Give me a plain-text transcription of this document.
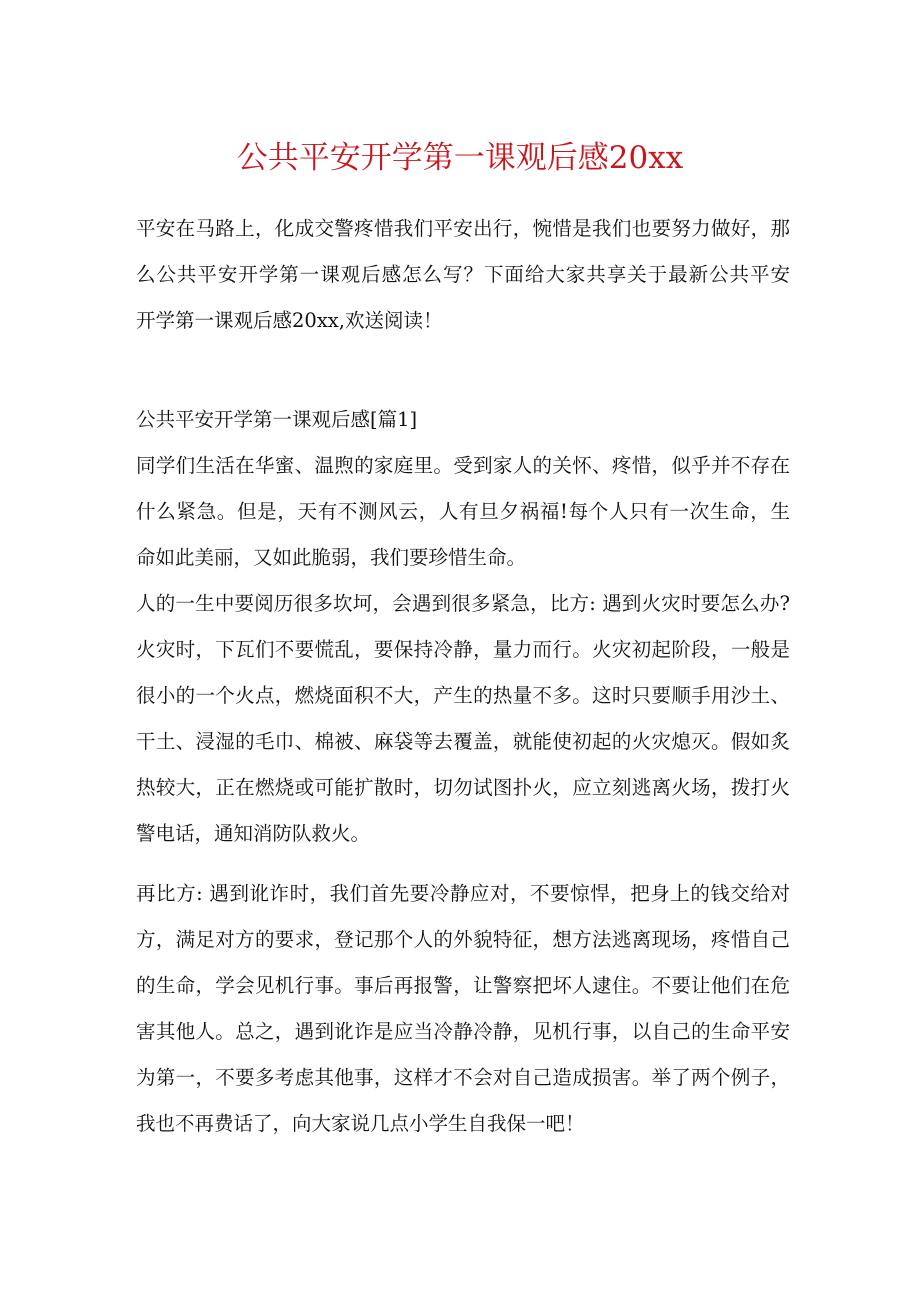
公共平安开学第一课观后感20xx
平安在马路上，化成交警疼惜我们平安出行，惋惜是我们也要努力做好，那
么公共平安开学第一课观后感怎么写？下面给大家共享关于最新公共平安
开学第一课观后感20xx,欢送阅读！
公共平安开学第一课观后感[篇1]
同学们生活在华蜜、温煦的家庭里。受到家人的关怀、疼惜，似乎并不存在
什么紧急。但是，天有不测风云，人有旦夕祸福!每个人只有一次生命，生
命如此美丽，又如此脆弱，我们要珍惜生命。
人的一生中要阅历很多坎坷，会遇到很多紧急，比方: 遇到火灾时要怎么办?
火灾时，下瓦们不要慌乱，要保持冷静，量力而行。火灾初起阶段，一般是
很小的一个火点，燃烧面积不大，产生的热量不多。这时只要顺手用沙土、
干土、浸湿的毛巾、棉被、麻袋等去覆盖，就能使初起的火灾熄灭。假如炙
热较大，正在燃烧或可能扩散时，切勿试图扑火，应立刻逃离火场，拨打火
警电话，通知消防队救火。
再比方: 遇到讹诈时，我们首先要冷静应对，不要惊悍，把身上的钱交给对
方，满足对方的要求，登记那个人的外貌特征，想方法逃离现场，疼惜自己
的生命，学会见机行事。事后再报警，让警察把坏人逮住。不要让他们在危
害其他人。总之，遇到讹诈是应当冷静冷静，见机行事，以自己的生命平安
为第一，不要多考虑其他事，这样才不会对自己造成损害。举了两个例子，
我也不再费话了，向大家说几点小学生自我保一吧！
